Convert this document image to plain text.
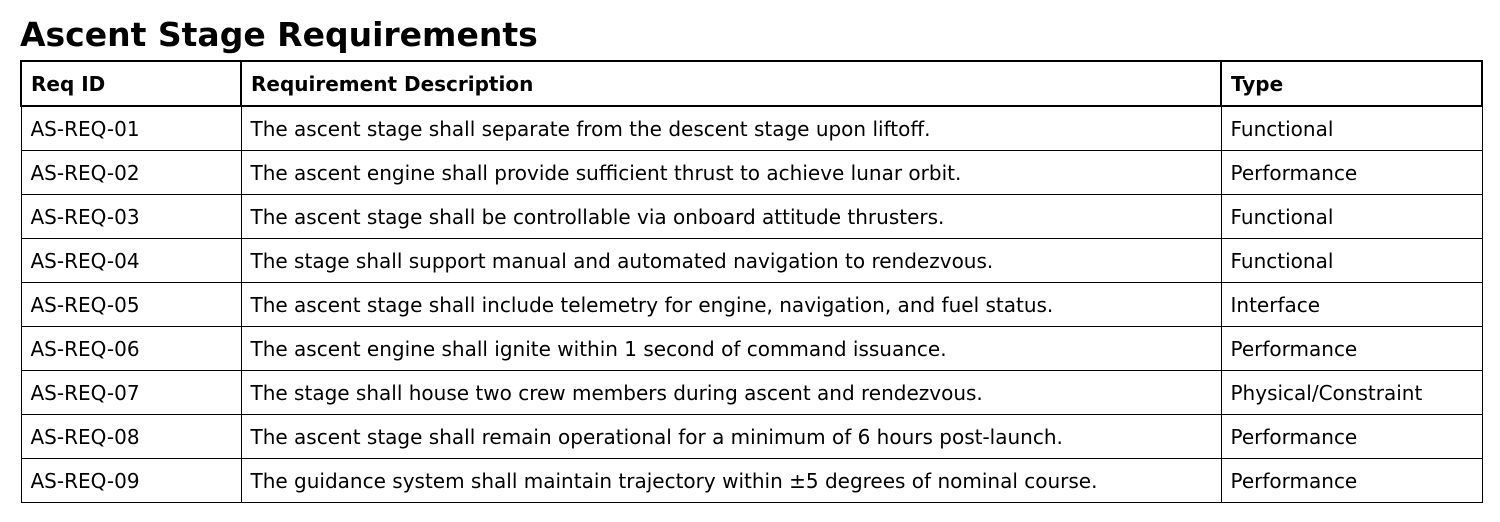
Ascent Stage Requirements
Req ID	Requirement Description	Type
AS-REQ-01	The ascent stage shall separate from the descent stage upon liftoff.	Functional
AS-REQ-02	The ascent engine shall provide sufficient thrust to achieve lunar orbit.	Performance
AS-REQ-03	The ascent stage shall be controllable via onboard attitude thrusters.	Functional
AS-REQ-04	The stage shall support manual and automated navigation to rendezvous.	Functional
AS-REQ-05	The ascent stage shall include telemetry for engine, navigation, and fuel status.	Interface
AS-REQ-06	The ascent engine shall ignite within 1 second of command issuance.	Performance
AS-REQ-07	The stage shall house two crew members during ascent and rendezvous.	Physical/Constraint
AS-REQ-08	The ascent stage shall remain operational for a minimum of 6 hours post-launch.	Performance
AS-REQ-09	The guidance system shall maintain trajectory within ±5 degrees of nominal course.	Performance
